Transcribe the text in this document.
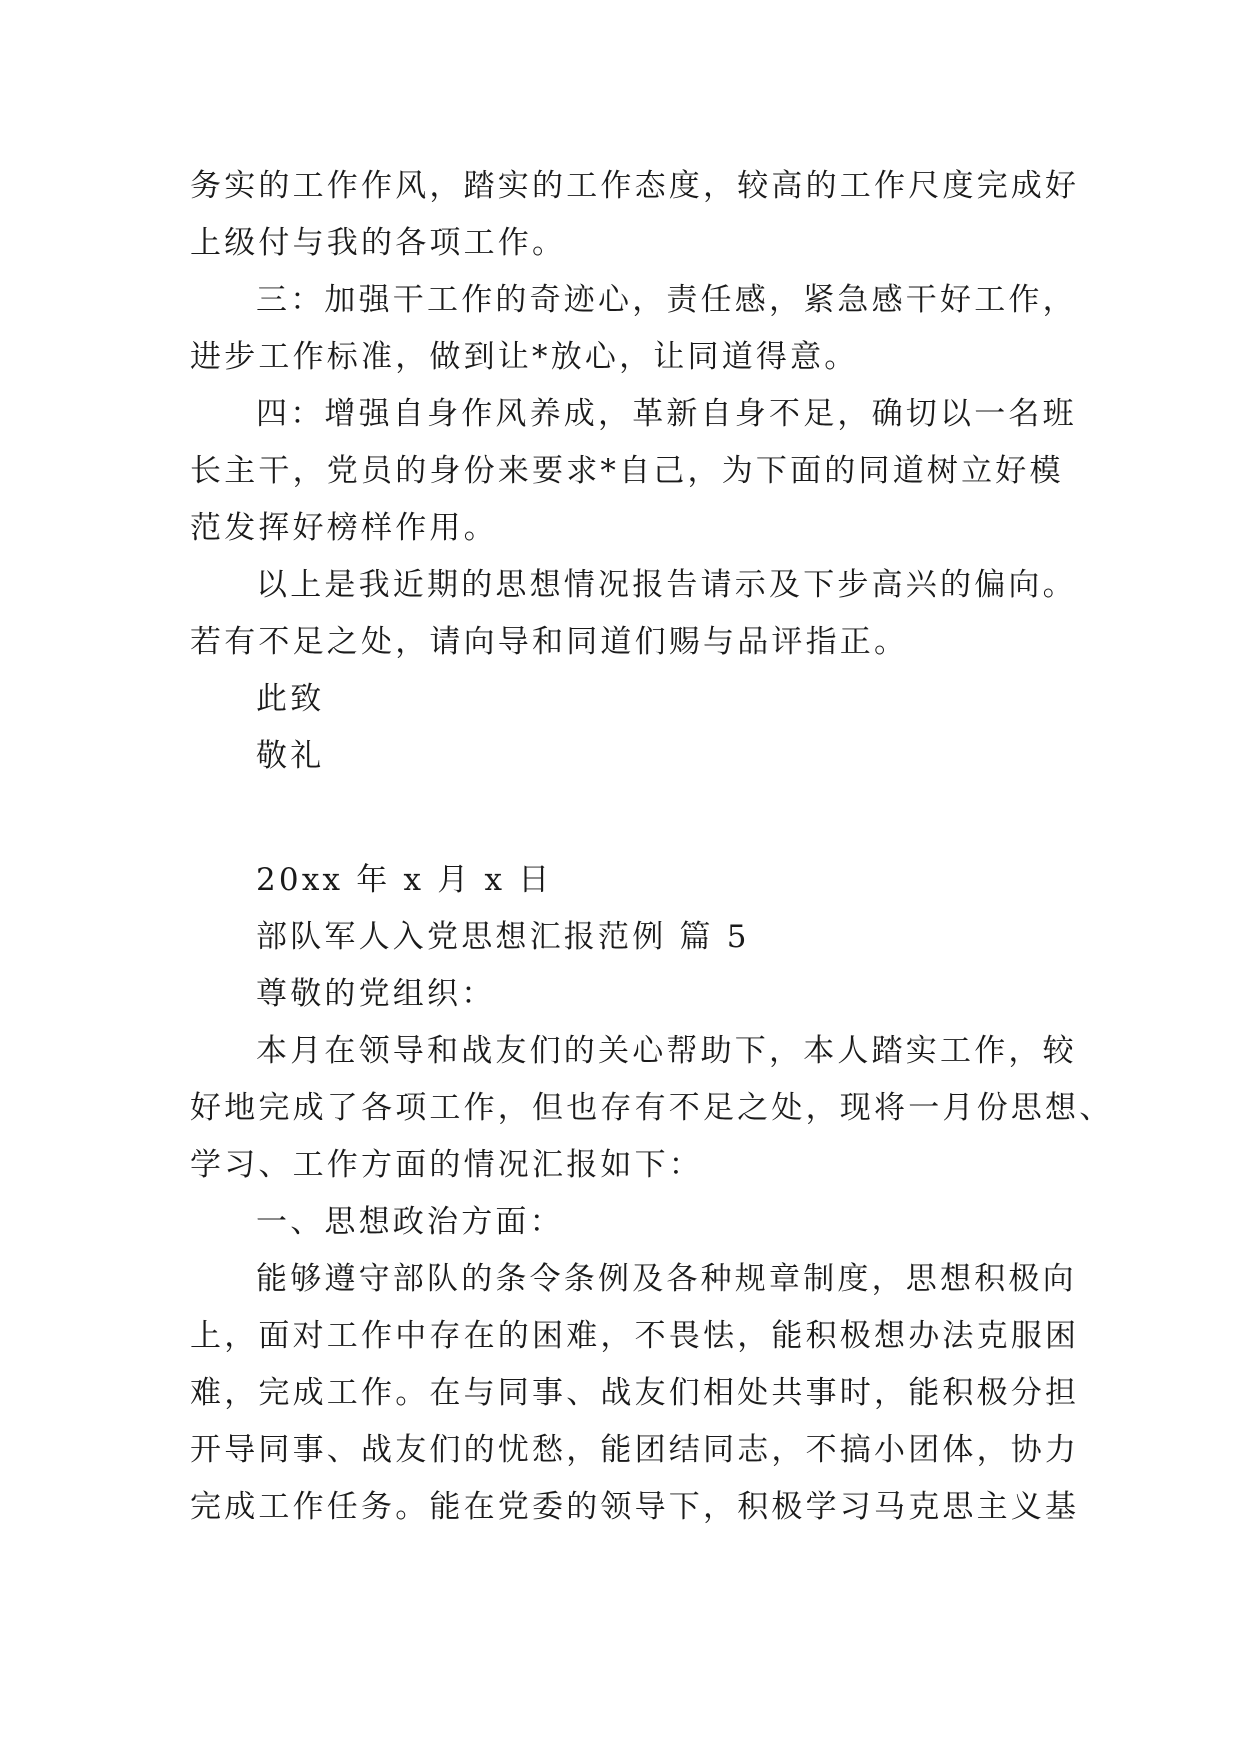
务实的工作作风，踏实的工作态度，较高的工作尺度完成好
上级付与我的各项工作。
三：加强干工作的奇迹心，责任感，紧急感干好工作，
进步工作标准，做到让*放心，让同道得意。
四：增强自身作风养成，革新自身不足，确切以一名班
长主干，党员的身份来要求*自己，为下面的同道树立好模
范发挥好榜样作用。
以上是我近期的思想情况报告请示及下步高兴的偏向。
若有不足之处，请向导和同道们赐与品评指正。
此致
敬礼
20xx 年 x 月 x 日
部队军人入党思想汇报范例 篇 5
尊敬的党组织：
本月在领导和战友们的关心帮助下，本人踏实工作，较
好地完成了各项工作，但也存有不足之处，现将一月份思想、
学习、工作方面的情况汇报如下：
一、思想政治方面：
能够遵守部队的条令条例及各种规章制度，思想积极向
上，面对工作中存在的困难，不畏怯，能积极想办法克服困
难，完成工作。在与同事、战友们相处共事时，能积极分担
开导同事、战友们的忧愁，能团结同志，不搞小团体，协力
完成工作任务。能在党委的领导下，积极学习马克思主义基
